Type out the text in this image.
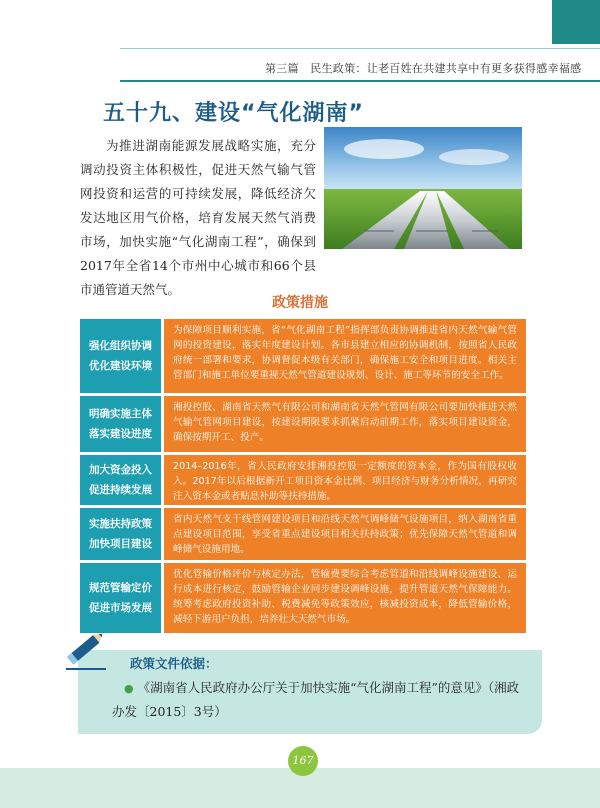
第三篇　民生政策：让老百姓在共建共享中有更多获得感幸福感
五十九、建设“气化湖南”
为推进湖南能源发展战略实施，充分调动投资主体积极性，促进天然气输气管网投资和运营的可持续发展，降低经济欠发达地区用气价格，培育发展天然气消费市场，加快实施“气化湖南工程”，确保到2017年全省14个市州中心城市和66个县市通管道天然气。
政策措施
强化组织协调
优化建设环境
为保障项目顺利实施，省“气化湖南工程”指挥部负责协调推进省内天然气输气管网的投资建设，落实年度建设计划。各市县建立相应的协调机制，按照省人民政府统一部署和要求，协调督促本级有关部门，确保施工安全和项目进度。相关主管部门和施工单位要重视天然气管道建设规划、设计、施工等环节的安全工作。
明确实施主体
落实建设进度
湘投控股、湖南省天然气有限公司和湖南省天然气管网有限公司要加快推进天然气输气管网项目建设，按建设期限要求抓紧启动前期工作，落实项目建设资金，确保按期开工、投产。
加大资金投入
促进持续发展
2014–2016年，省人民政府安排湘投控股一定额度的资本金，作为国有股权收入。2017年以后根据新开工项目资本金比例、项目经济与财务分析情况，再研究注入资本金或者贴息补助等扶持措施。
实施扶持政策
加快项目建设
省内天然气支干线管网建设项目和沿线天然气调峰储气设施项目，纳入湖南省重点建设项目范围，享受省重点建设项目相关扶持政策；优先保障天然气管道和调峰储气设施用地。
规范管输定价
促进市场发展
优化管输价格评价与核定办法，管输费要综合考虑管道和沿线调峰设施建设、运行成本进行核定，鼓励管输企业同步建设调峰设施，提升管道天然气保障能力。统筹考虑政府投资补助、税费减免等政策效应，核减投资成本，降低管输价格，减轻下游用户负担，培养壮大天然气市场。
政策文件依据：
● 《湖南省人民政府办公厅关于加快实施“气化湖南工程”的意见》（湘政办发〔2015〕3号）
167
